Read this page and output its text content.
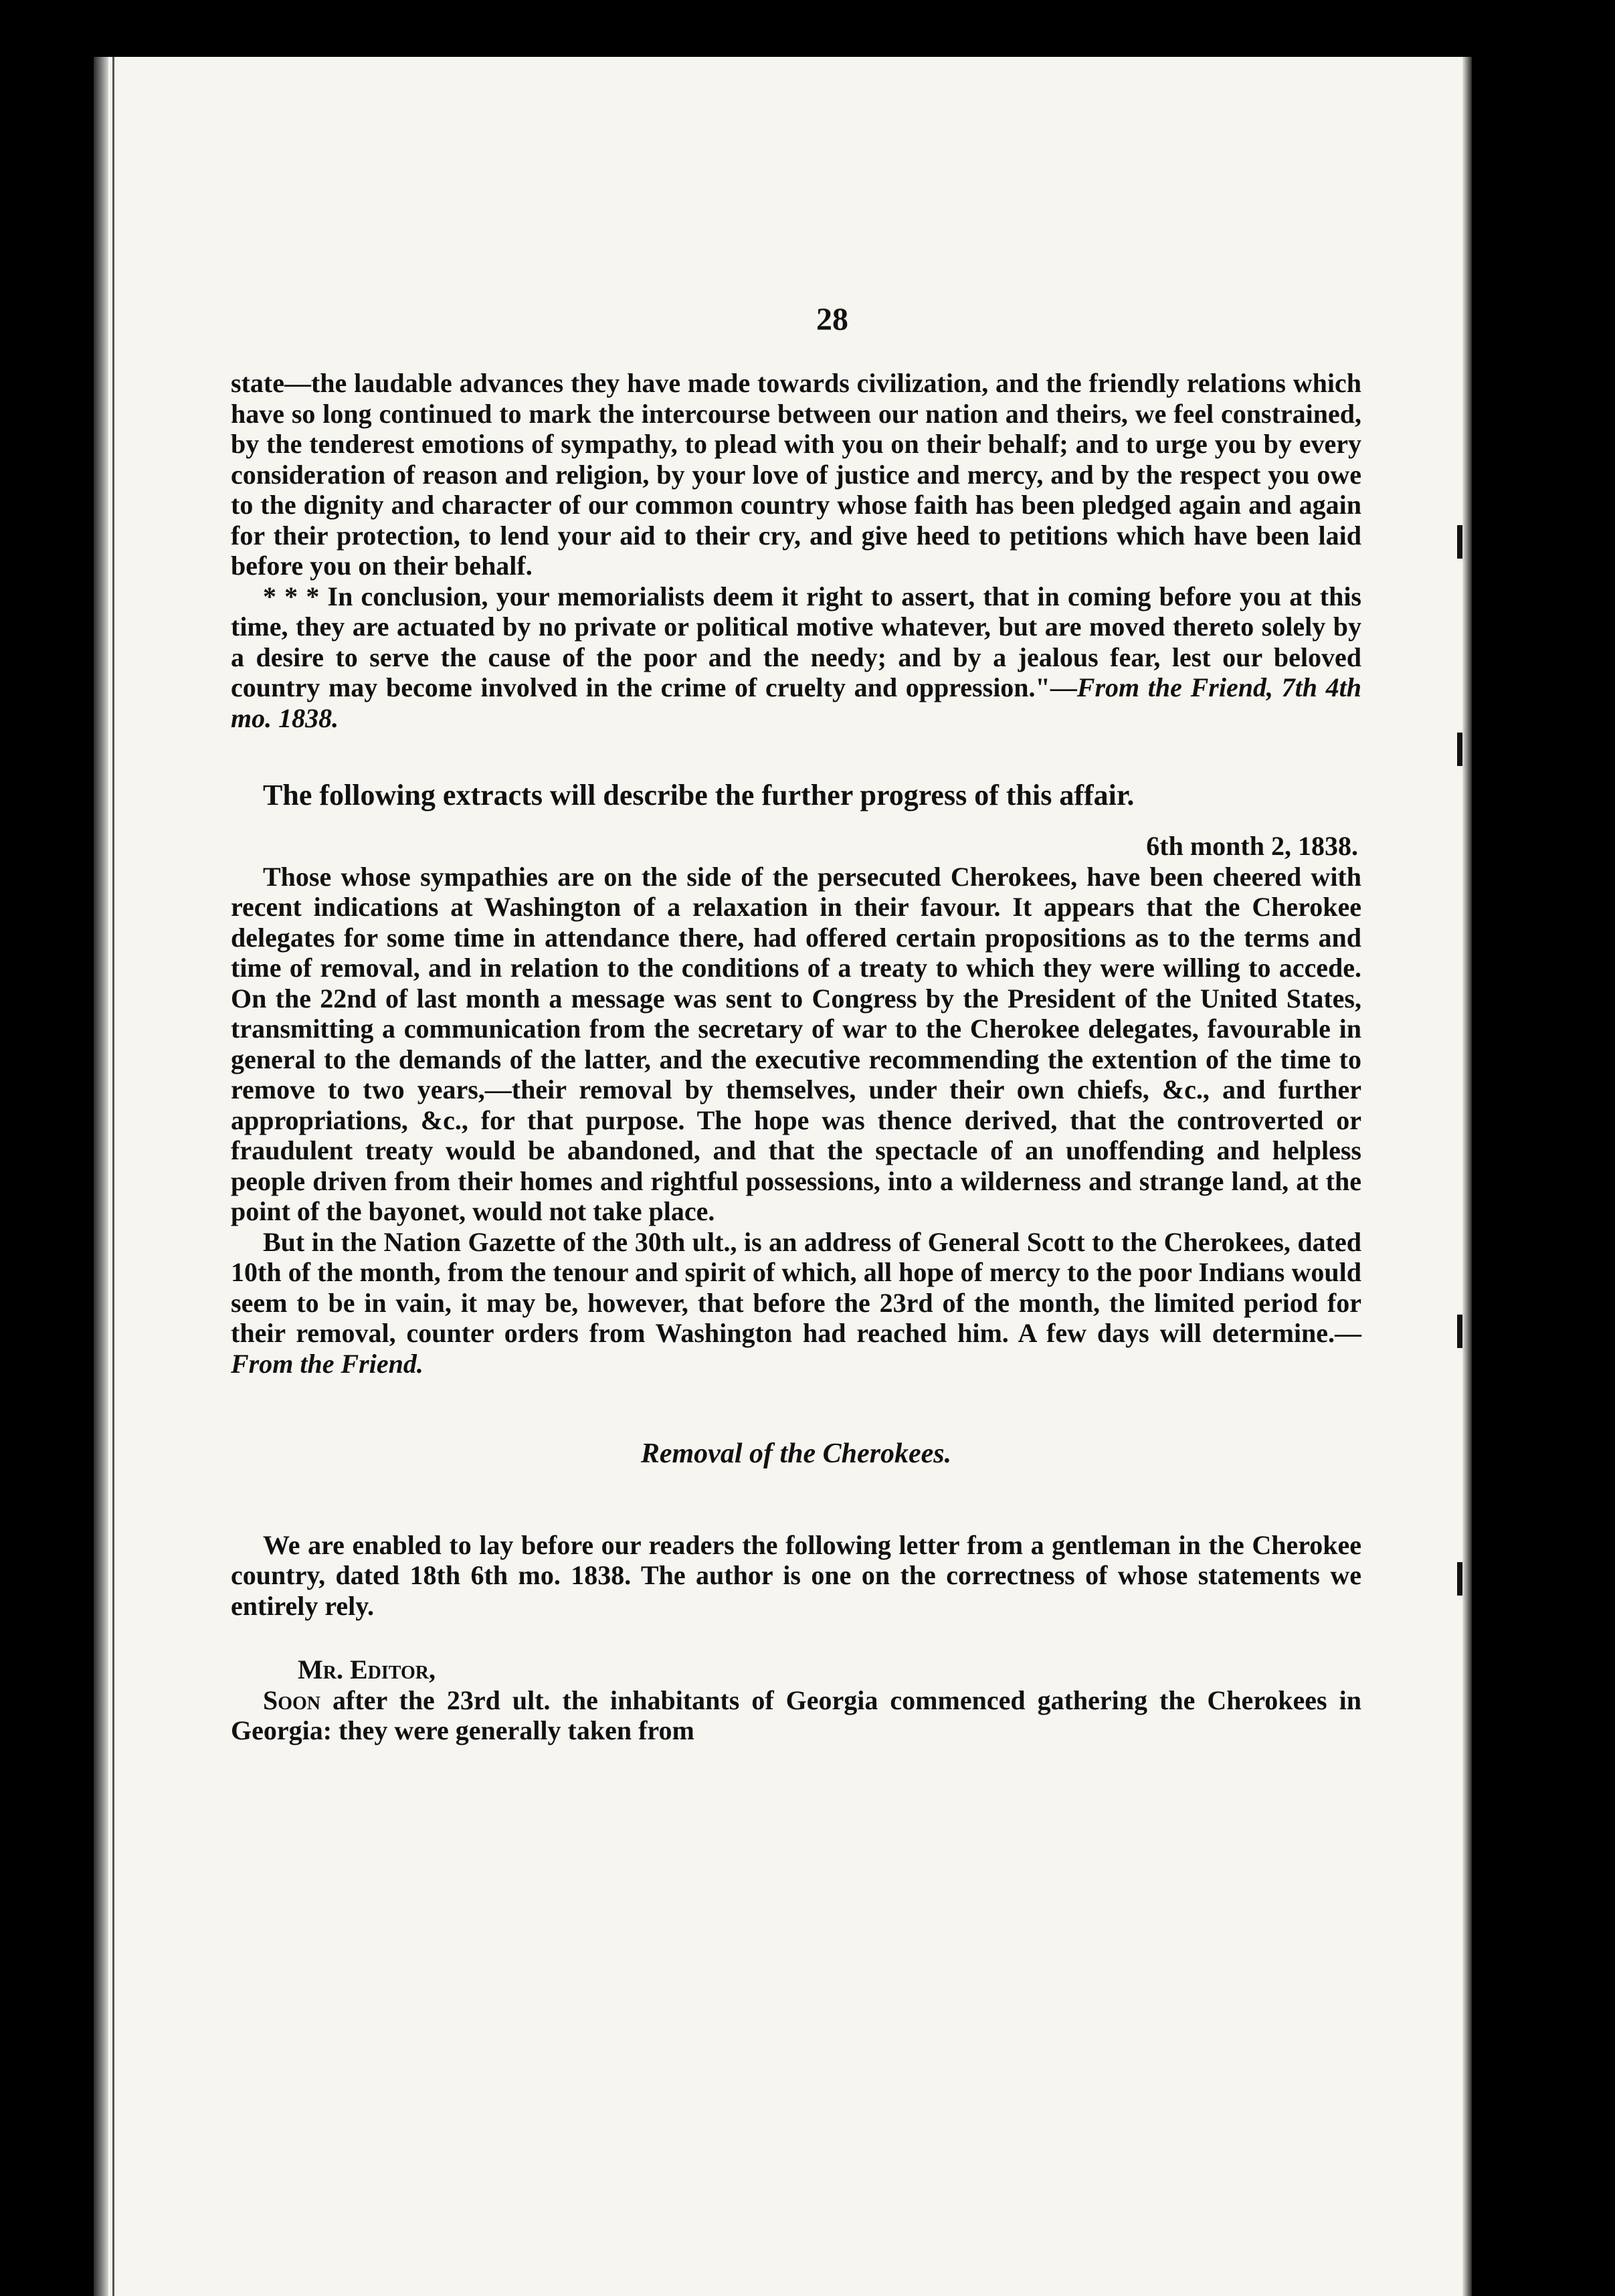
28

state—the laudable advances they have made towards civilization, and the friendly relations which have so long continued to mark the intercourse between our nation and theirs, we feel constrained, by the tenderest emotions of sympathy, to plead with you on their behalf; and to urge you by every consideration of reason and religion, by your love of justice and mercy, and by the respect you owe to the dignity and character of our common country whose faith has been pledged again and again for their protection, to lend your aid to their cry, and give heed to petitions which have been laid before you on their behalf.

* * * In conclusion, your memorialists deem it right to assert, that in coming before you at this time, they are actuated by no private or political motive whatever, but are moved thereto solely by a desire to serve the cause of the poor and the needy; and by a jealous fear, lest our beloved country may become involved in the crime of cruelty and oppression."—From the Friend, 7th 4th mo. 1838.

The following extracts will describe the further progress of this affair.

6th month 2, 1838.

Those whose sympathies are on the side of the persecuted Cherokees, have been cheered with recent indications at Washington of a relaxation in their favour. It appears that the Cherokee delegates for some time in attendance there, had offered certain propositions as to the terms and time of removal, and in relation to the conditions of a treaty to which they were willing to accede. On the 22nd of last month a message was sent to Congress by the President of the United States, transmitting a communication from the secretary of war to the Cherokee delegates, favourable in general to the demands of the latter, and the executive recommending the extention of the time to remove to two years,—their removal by themselves, under their own chiefs, &c., and further appropriations, &c., for that purpose. The hope was thence derived, that the controverted or fraudulent treaty would be abandoned, and that the spectacle of an unoffending and helpless people driven from their homes and rightful possessions, into a wilderness and strange land, at the point of the bayonet, would not take place.

But in the Nation Gazette of the 30th ult., is an address of General Scott to the Cherokees, dated 10th of the month, from the tenour and spirit of which, all hope of mercy to the poor Indians would seem to be in vain, it may be, however, that before the 23rd of the month, the limited period for their removal, counter orders from Washington had reached him. A few days will determine.—From the Friend.

Removal of the Cherokees.

We are enabled to lay before our readers the following letter from a gentleman in the Cherokee country, dated 18th 6th mo. 1838. The author is one on the correctness of whose statements we entirely rely.

Mr. Editor,

Soon after the 23rd ult. the inhabitants of Georgia commenced gathering the Cherokees in Georgia: they were generally taken from
